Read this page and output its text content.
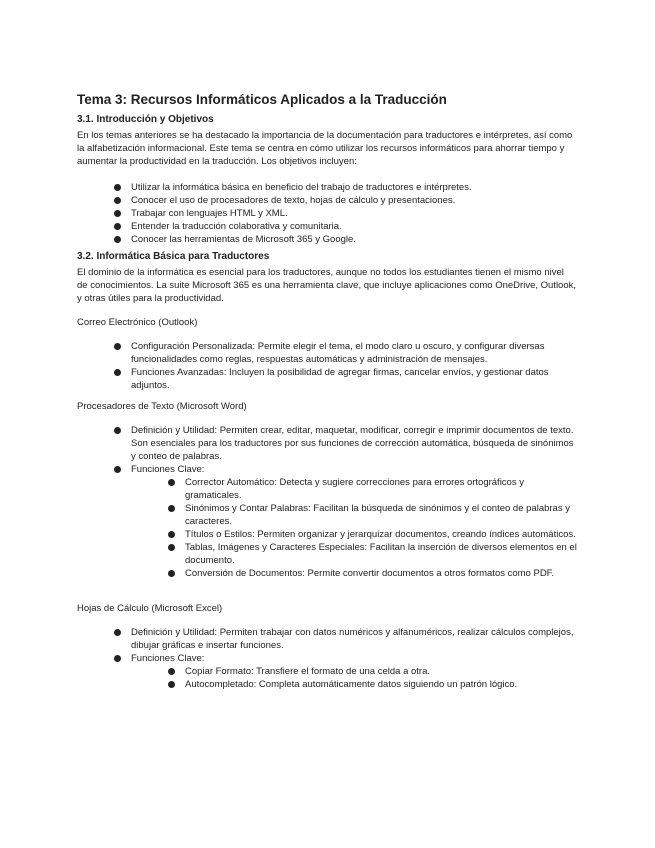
Tema 3: Recursos Informáticos Aplicados a la Traducción
3.1. Introducción y Objetivos

En los temas anteriores se ha destacado la importancia de la documentación para traductores e intérpretes, así como la alfabetización informacional. Este tema se centra en cómo utilizar los recursos informáticos para ahorrar tiempo y aumentar la productividad en la traducción. Los objetivos incluyen:

Utilizar la informática básica en beneficio del trabajo de traductores e intérpretes.
Conocer el uso de procesadores de texto, hojas de cálculo y presentaciones.
Trabajar con lenguajes HTML y XML.
Entender la traducción colaborativa y comunitaria.
Conocer las herramientas de Microsoft 365 y Google.
3.2. Informática Básica para Traductores

El dominio de la informática es esencial para los traductores, aunque no todos los estudiantes tienen el mismo nivel de conocimientos. La suite Microsoft 365 es una herramienta clave, que incluye aplicaciones como OneDrive, Outlook, y otras útiles para la productividad.

Correo Electrónico (Outlook)

Configuración Personalizada: Permite elegir el tema, el modo claro u oscuro, y configurar diversas funcionalidades como reglas, respuestas automáticas y administración de mensajes.
Funciones Avanzadas: Incluyen la posibilidad de agregar firmas, cancelar envíos, y gestionar datos adjuntos.

Procesadores de Texto (Microsoft Word)

Definición y Utilidad: Permiten crear, editar, maquetar, modificar, corregir e imprimir documentos de texto. Son esenciales para los traductores por sus funciones de corrección automática, búsqueda de sinónimos y conteo de palabras.
Funciones Clave:
Corrector Automático: Detecta y sugiere correcciones para errores ortográficos y gramaticales.
Sinónimos y Contar Palabras: Facilitan la búsqueda de sinónimos y el conteo de palabras y caracteres.
Títulos o Estilos: Permiten organizar y jerarquizar documentos, creando índices automáticos.
Tablas, Imágenes y Caracteres Especiales: Facilitan la inserción de diversos elementos en el documento.
Conversión de Documentos: Permite convertir documentos a otros formatos como PDF.

Hojas de Cálculo (Microsoft Excel)

Definición y Utilidad: Permiten trabajar con datos numéricos y alfanuméricos, realizar cálculos complejos, dibujar gráficas e insertar funciones.
Funciones Clave:
Copiar Formato: Transfiere el formato de una celda a otra.
Autocompletado: Completa automáticamente datos siguiendo un patrón lógico.
